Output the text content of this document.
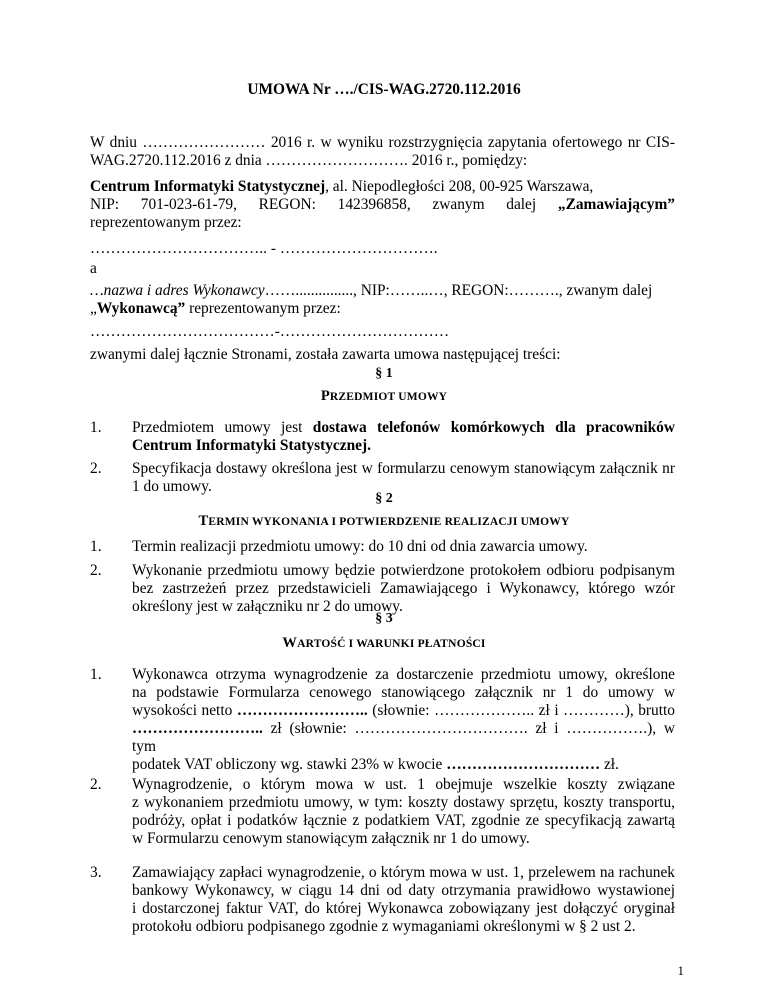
UMOWA Nr …./CIS-WAG.2720.112.2016
W dniu …………………… 2016 r. w wyniku rozstrzygnięcia zapytania ofertowego nr CIS-
WAG.2720.112.2016 z dnia ………………………. 2016 r., pomiędzy:
Centrum Informatyki Statystycznej, al. Niepodległości 208, 00-925 Warszawa,
NIP: 701-023-61-79, REGON: 142396858, zwanym dalej „Zamawiającym”
reprezentowanym przez:
…………………………….. - ………………………….
a
…nazwa i adres Wykonawcy……..............., NIP:……..…, REGON:………., zwanym dalej
„Wykonawcą” reprezentowanym przez:
………………………………-……………………………
zwanymi dalej łącznie Stronami, została zawarta umowa następującej treści:
§ 1
PRZEDMIOT UMOWY
1. Przedmiotem umowy jest dostawa telefonów komórkowych dla pracowników
Centrum Informatyki Statystycznej.
2. Specyfikacja dostawy określona jest w formularzu cenowym stanowiącym załącznik nr
1 do umowy.
§ 2
TERMIN WYKONANIA I POTWIERDZENIE REALIZACJI UMOWY
1. Termin realizacji przedmiotu umowy: do 10 dni od dnia zawarcia umowy.
2. Wykonanie przedmiotu umowy będzie potwierdzone protokołem odbioru podpisanym
bez zastrzeżeń przez przedstawicieli Zamawiającego i Wykonawcy, którego wzór
określony jest w załączniku nr 2 do umowy.
§ 3
WARTOŚĆ I WARUNKI PŁATNOŚCI
1. Wykonawca otrzyma wynagrodzenie za dostarczenie przedmiotu umowy, określone
na podstawie Formularza cenowego stanowiącego załącznik nr 1 do umowy w
wysokości netto …………………….. (słownie: ……………….. zł i …………), brutto
…………………….. zł (słownie: ……………………………. zł i …………….), w tym
podatek VAT obliczony wg. stawki 23% w kwocie ………………………… zł.
2. Wynagrodzenie, o którym mowa w ust. 1 obejmuje wszelkie koszty związane
z wykonaniem przedmiotu umowy, w tym: koszty dostawy sprzętu, koszty transportu,
podróży, opłat i podatków łącznie z podatkiem VAT, zgodnie ze specyfikacją zawartą
w Formularzu cenowym stanowiącym załącznik nr 1 do umowy.
3. Zamawiający zapłaci wynagrodzenie, o którym mowa w ust. 1, przelewem na rachunek
bankowy Wykonawcy, w ciągu 14 dni od daty otrzymania prawidłowo wystawionej
i dostarczonej faktur VAT, do której Wykonawca zobowiązany jest dołączyć oryginał
protokołu odbioru podpisanego zgodnie z wymaganiami określonymi w § 2 ust 2.
1
